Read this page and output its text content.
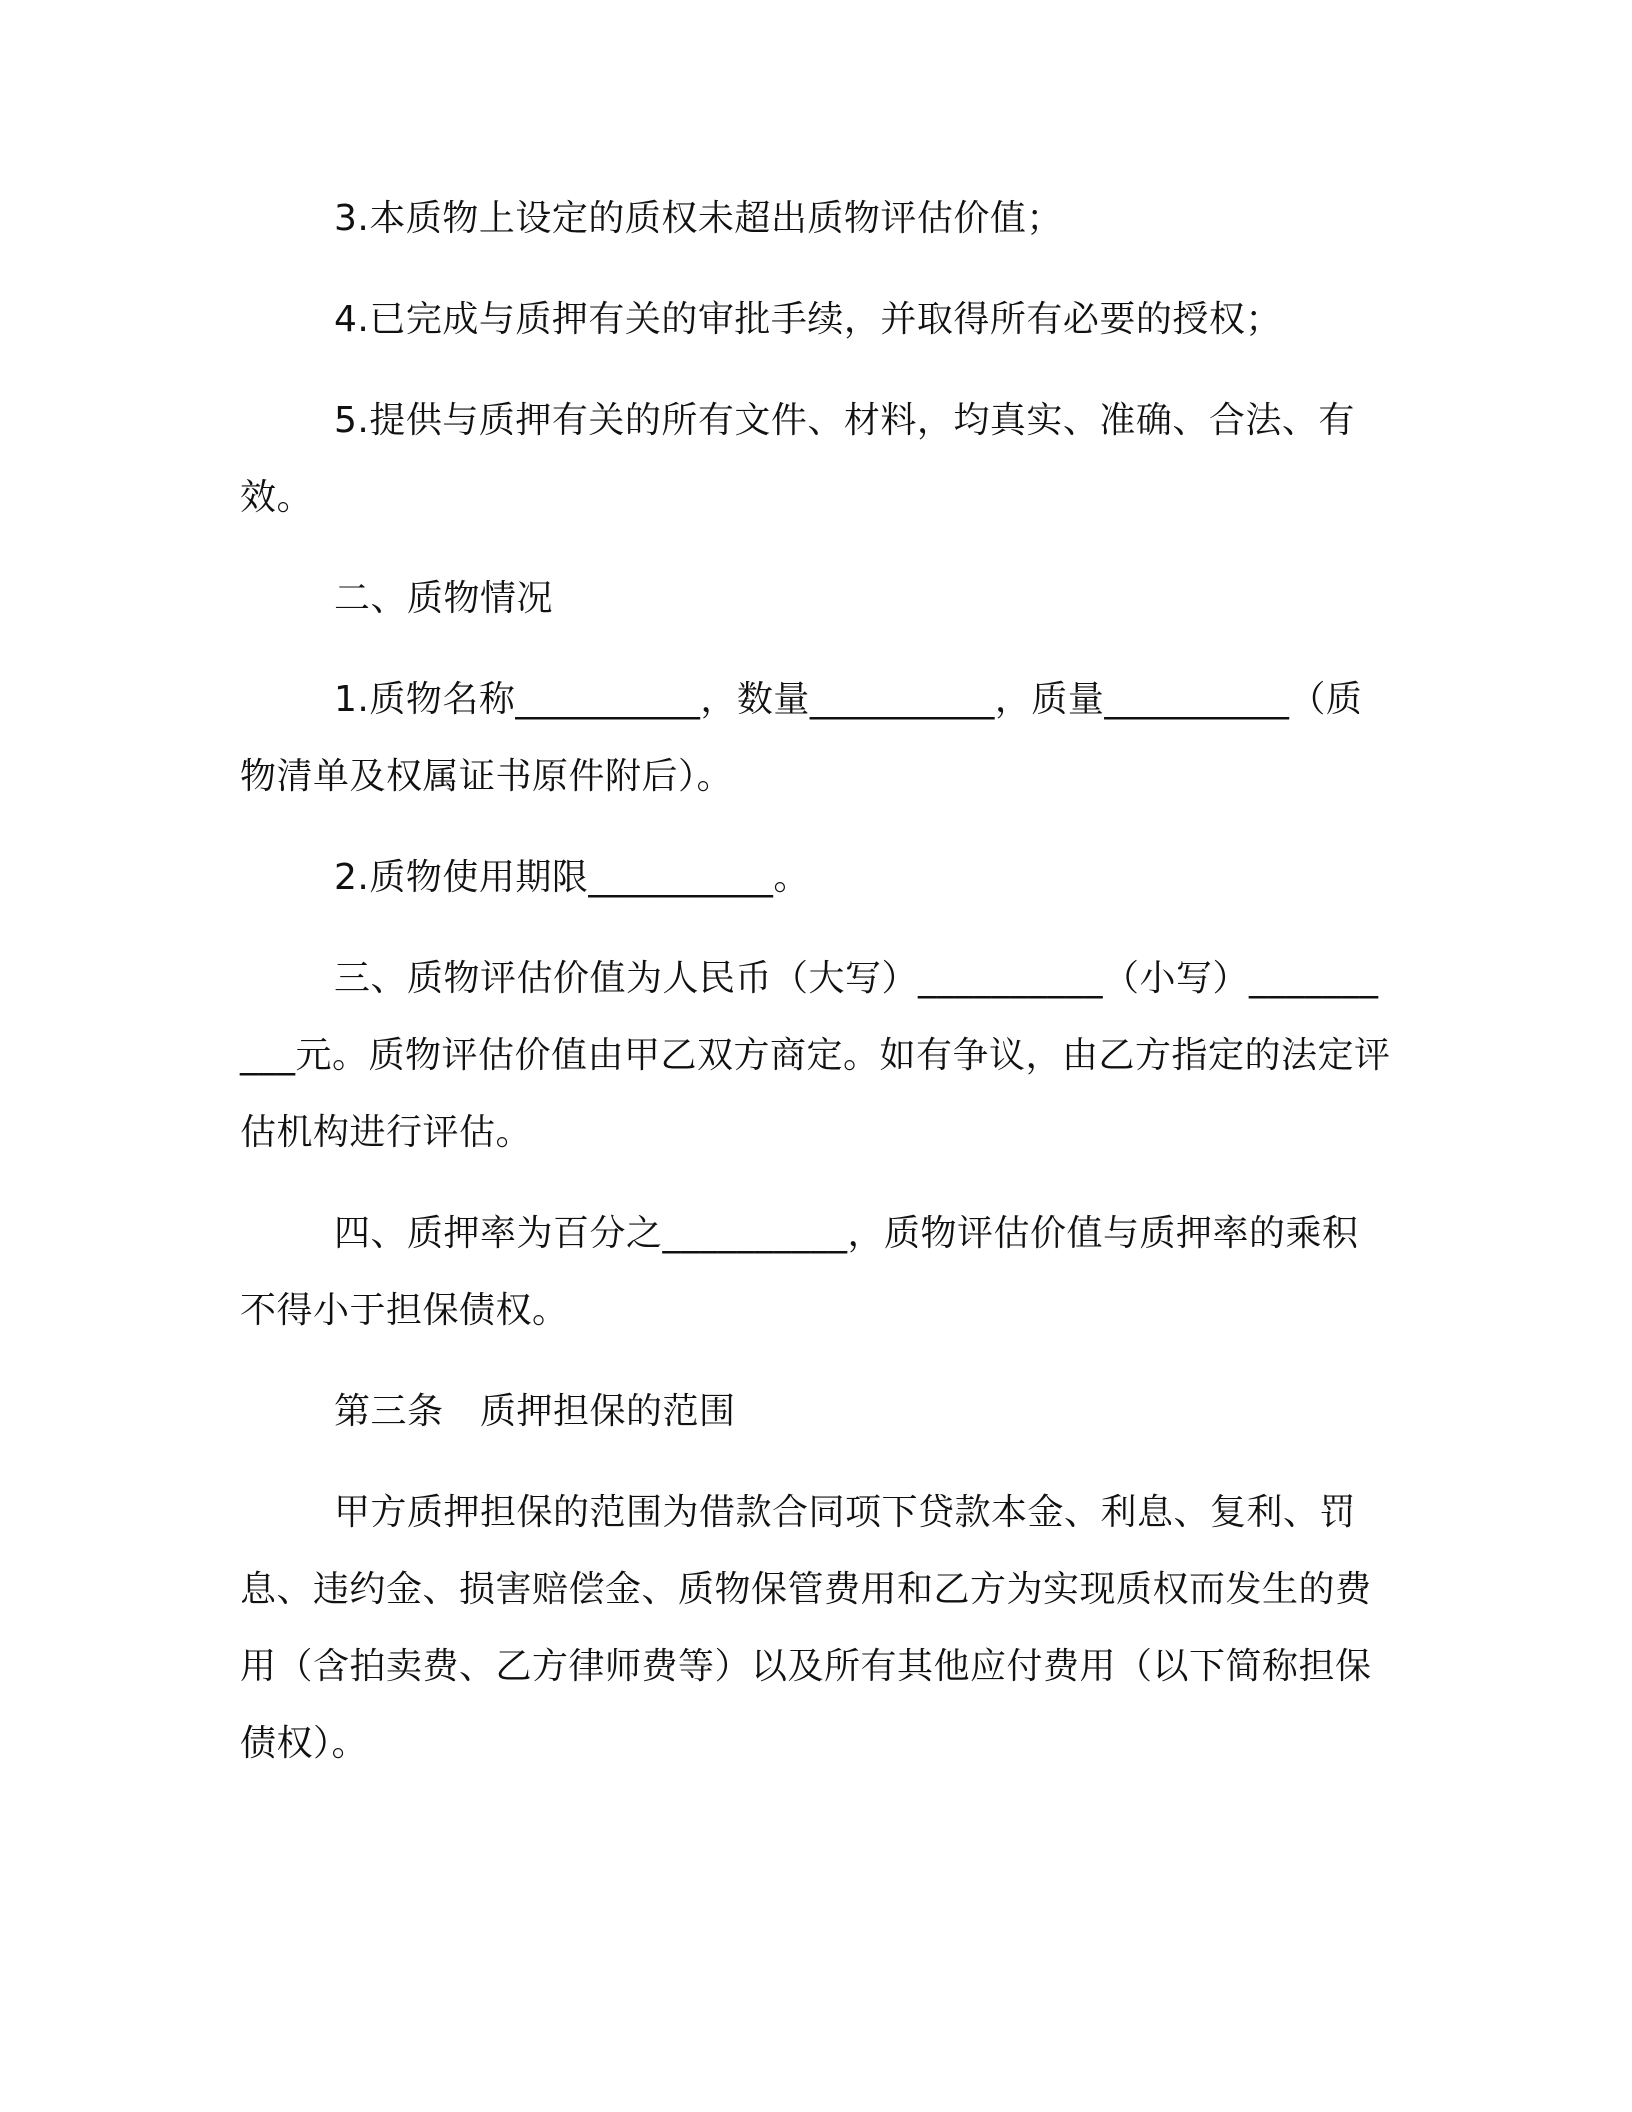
3.本质物上设定的质权未超出质物评估价值；

4.已完成与质押有关的审批手续，并取得所有必要的授权；

5.提供与质押有关的所有文件、材料，均真实、准确、合法、有效。

二、质物情况

1.质物名称__________，数量__________，质量__________（质物清单及权属证书原件附后）。

2.质物使用期限__________。

三、质物评估价值为人民币（大写）__________（小写）__________元。质物评估价值由甲乙双方商定。如有争议，由乙方指定的法定评估机构进行评估。

四、质押率为百分之__________，质物评估价值与质押率的乘积不得小于担保债权。

第三条　质押担保的范围

甲方质押担保的范围为借款合同项下贷款本金、利息、复利、罚息、违约金、损害赔偿金、质物保管费用和乙方为实现质权而发生的费用（含拍卖费、乙方律师费等）以及所有其他应付费用（以下简称担保债权）。
